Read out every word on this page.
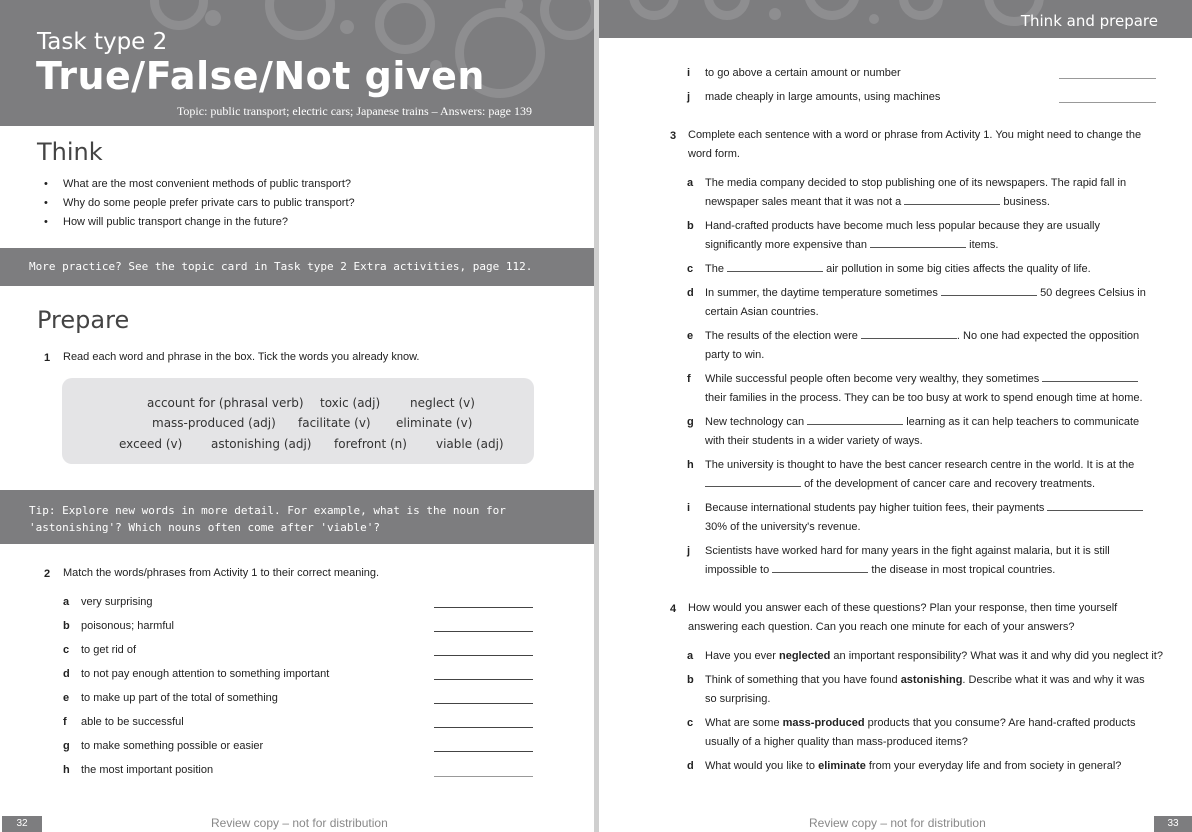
Task type 2
True/False/Not given
Topic: public transport; electric cars; Japanese trains – Answers: page 139
Think
• What are the most convenient methods of public transport?
• Why do some people prefer private cars to public transport?
• How will public transport change in the future?
More practice? See the topic card in Task type 2 Extra activities, page 112.
Prepare
1 Read each word and phrase in the box. Tick the words you already know.
account for (phrasal verb) toxic (adj) neglect (v)
mass-produced (adj) facilitate (v) eliminate (v)
exceed (v) astonishing (adj) forefront (n) viable (adj)
Tip: Explore new words in more detail. For example, what is the noun for
'astonishing'? Which nouns often come after 'viable'?
2 Match the words/phrases from Activity 1 to their correct meaning.
a very surprising
b poisonous; harmful
c to get rid of
d to not pay enough attention to something important
e to make up part of the total of something
f able to be successful
g to make something possible or easier
h the most important position
32	Review copy – not for distribution
Think and prepare
i to go above a certain amount or number
j made cheaply in large amounts, using machines
3 Complete each sentence with a word or phrase from Activity 1. You might need to change the
word form.
a The media company decided to stop publishing one of its newspapers. The rapid fall in newspaper sales meant that it was not a	business.
b Hand-crafted products have become much less popular because they are usually significantly more expensive than	items.
c The	air pollution in some big cities affects the quality of life.
d In summer, the daytime temperature sometimes	50 degrees Celsius in certain Asian countries.
e The results of the election were	. No one had expected the opposition party to win.
f While successful people often become very wealthy, they sometimes  their families in the process. They can be too busy at work to spend enough time at home.
g New technology can	learning as it can help teachers to communicate with their students in a wider variety of ways.
h The university is thought to have the best cancer research centre in the world. It is at the  of the development of cancer care and recovery treatments.
i Because international students pay higher tuition fees, their payments  30% of the university's revenue.
j Scientists have worked hard for many years in the fight against malaria, but it is still impossible to	the disease in most tropical countries.
4 How would you answer each of these questions? Plan your response, then time yourself
answering each question. Can you reach one minute for each of your answers?
a Have you ever neglected an important responsibility? What was it and why did you neglect it?
b Think of something that you have found astonishing. Describe what it was and why it was so surprising.
c What are some mass-produced products that you consume? Are hand-crafted products usually of a higher quality than mass-produced items?
d What would you like to eliminate from your everyday life and from society in general?
Review copy – not for distribution	33
